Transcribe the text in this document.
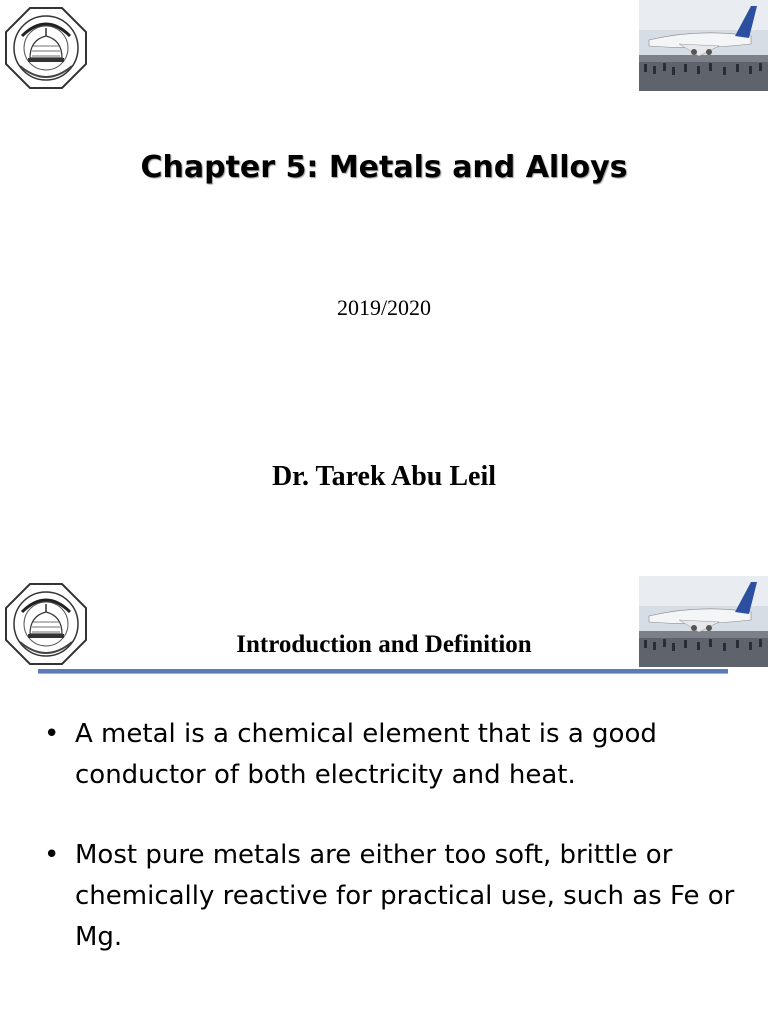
Chapter 5: Metals and Alloys
2019/2020
Dr. Tarek Abu Leil
Introduction and Definition
• A metal is a chemical element that is a good conductor of both electricity and heat.
• Most pure metals are either too soft, brittle or chemically reactive for practical use, such as Fe or Mg.
